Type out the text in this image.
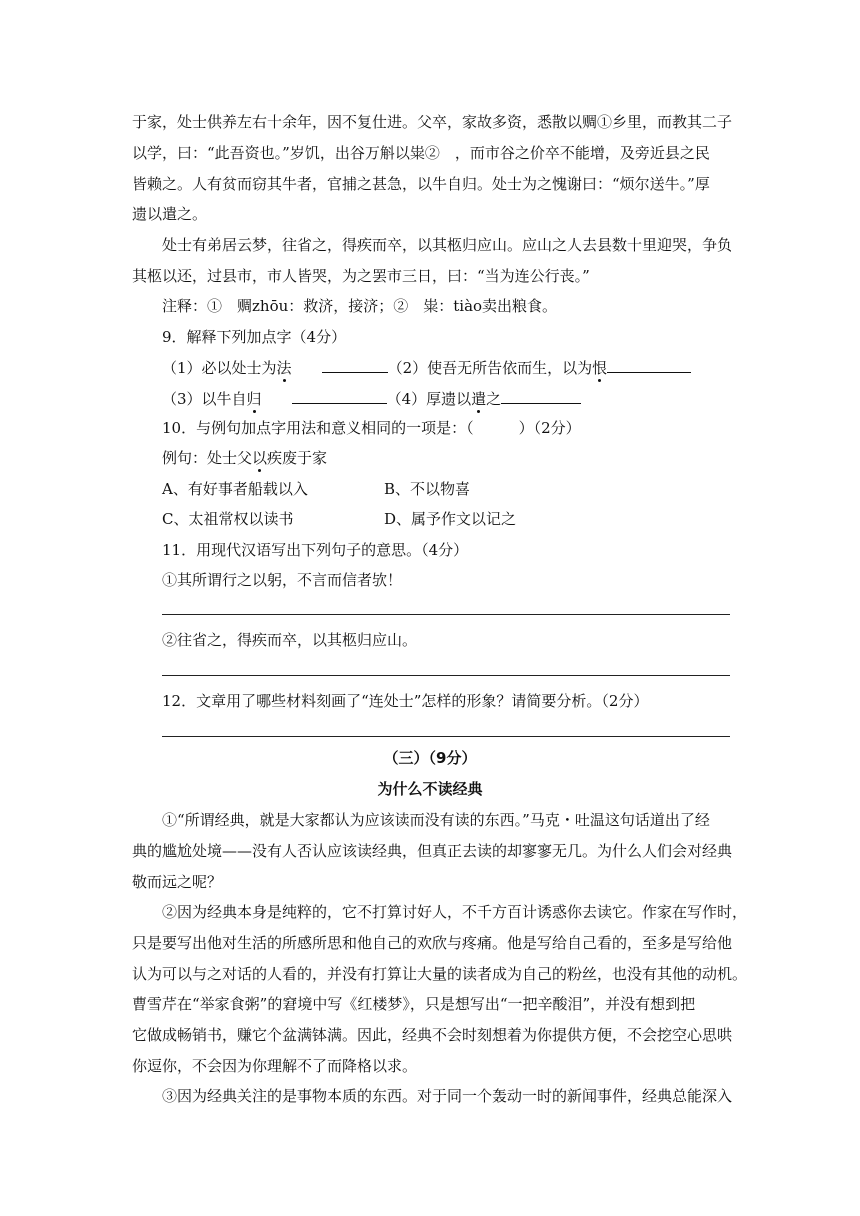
于家，处士供养左右十余年，因不复仕进。父卒，家故多资，悉散以赒①乡里，而教其二子
以学，曰：“此吾资也。”岁饥，出谷万斛以粜②　，而市谷之价卒不能增，及旁近县之民
皆赖之。人有贫而窃其牛者，官捕之甚急，以牛自归。处士为之愧谢曰：“烦尔送牛。”厚
遗以遣之。
处士有弟居云梦，往省之，得疾而卒，以其柩归应山。应山之人去县数十里迎哭，争负
其柩以还，过县市，市人皆哭，为之罢市三日，曰：“当为连公行丧。”
注释：①　赒zhōu：救济，接济；②　粜：tiào卖出粮食。
9．解释下列加点字（4分）
（1）必以处士为法	（2）使吾无所告依而生，以为恨
（3）以牛自归	（4）厚遗以遣之
10．与例句加点字用法和意义相同的一项是：（　　　）（2分）
例句：处士父以疾废于家
A、有好事者船载以入	B、不以物喜
C、太祖常权以读书	D、属予作文以记之
11．用现代汉语写出下列句子的意思。（4分）
①其所谓行之以躬，不言而信者欤！
②往省之，得疾而卒，以其柩归应山。
12．文章用了哪些材料刻画了“连处士”怎样的形象？请简要分析。（2分）
（三）（9分）
为什么不读经典
①“所谓经典，就是大家都认为应该读而没有读的东西。”马克・吐温这句话道出了经
典的尴尬处境——没有人否认应该读经典，但真正去读的却寥寥无几。为什么人们会对经典
敬而远之呢？
②因为经典本身是纯粹的，它不打算讨好人，不千方百计诱惑你去读它。作家在写作时，
只是要写出他对生活的所感所思和他自己的欢欣与疼痛。他是写给自己看的，至多是写给他
认为可以与之对话的人看的，并没有打算让大量的读者成为自己的粉丝，也没有其他的动机。
曹雪芹在“举家食粥”的窘境中写《红楼梦》，只是想写出“一把辛酸泪”，并没有想到把
它做成畅销书，赚它个盆满钵满。因此，经典不会时刻想着为你提供方便，不会挖空心思哄
你逗你，不会因为你理解不了而降格以求。
③因为经典关注的是事物本质的东西。对于同一个轰动一时的新闻事件，经典总能深入
